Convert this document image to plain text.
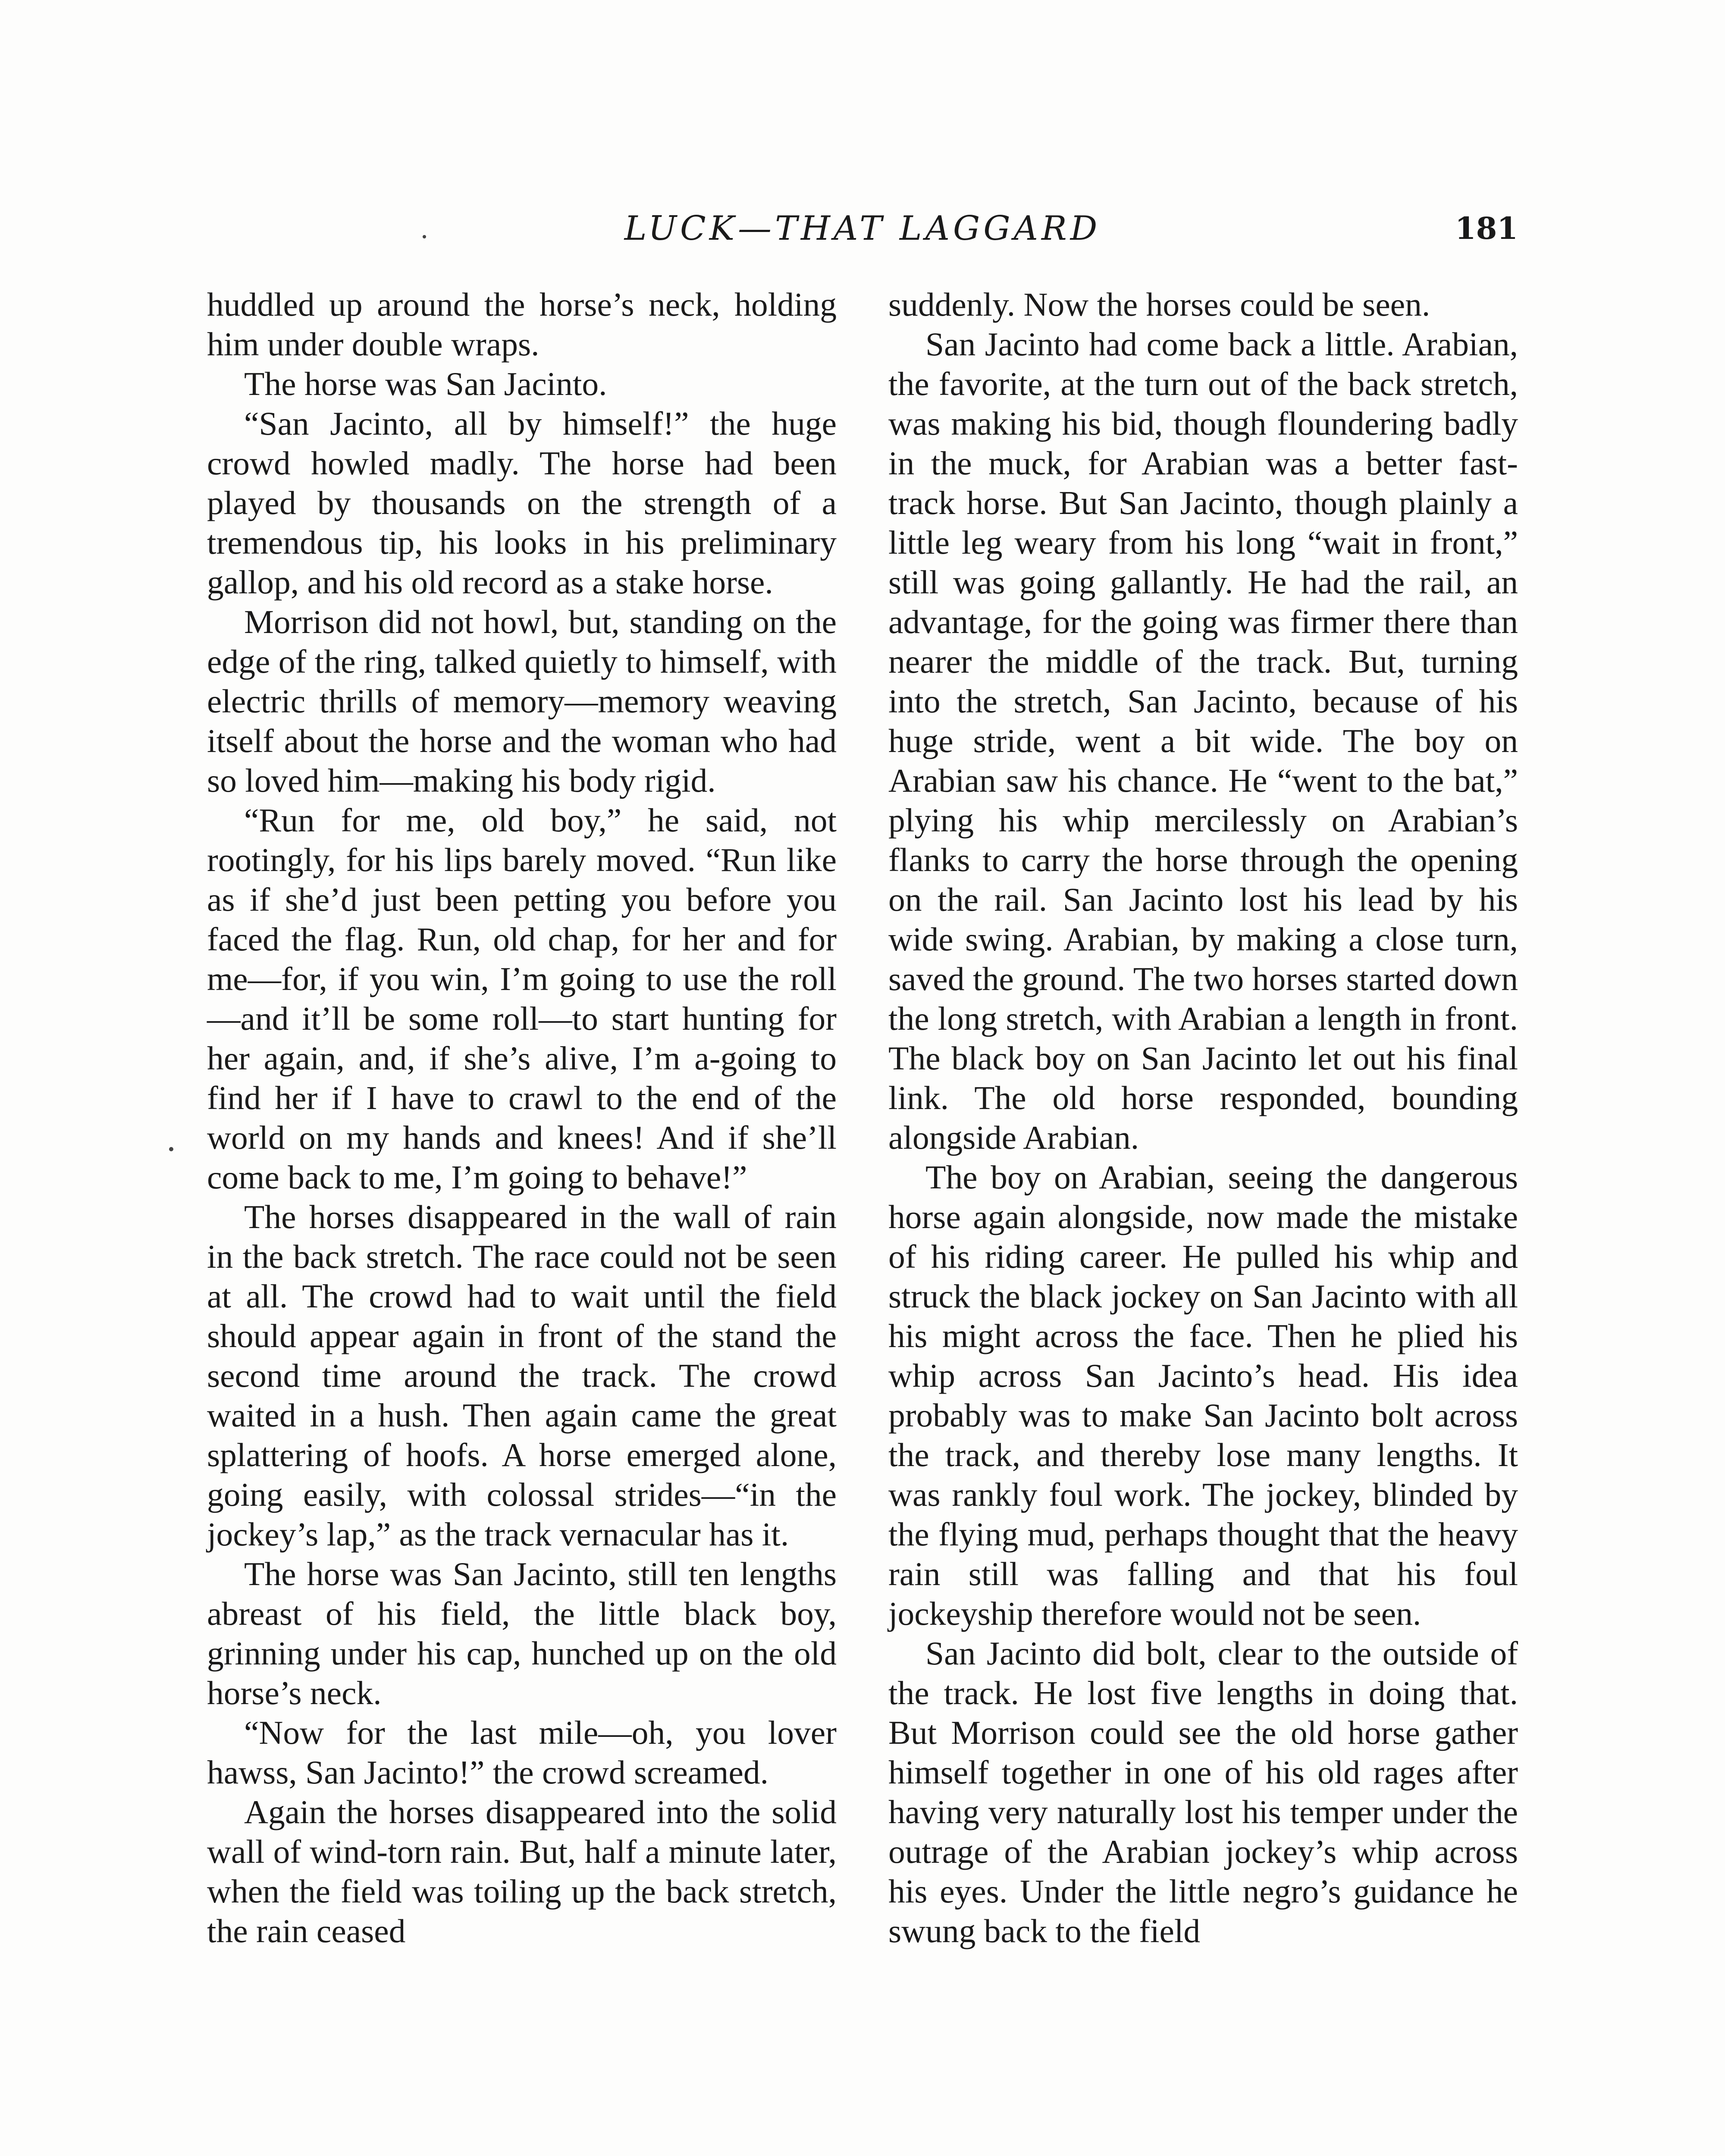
LUCK—THAT LAGGARD	181

huddled up around the horse’s neck, holding him under double wraps.

The horse was San Jacinto.

“San Jacinto, all by himself!” the huge crowd howled madly. The horse had been played by thousands on the strength of a tremendous tip, his looks in his preliminary gallop, and his old record as a stake horse.

Morrison did not howl, but, standing on the edge of the ring, talked quietly to himself, with electric thrills of memory—memory weaving itself about the horse and the woman who had so loved him—making his body rigid.

“Run for me, old boy,” he said, not rootingly, for his lips barely moved. “Run like as if she’d just been petting you before you faced the flag. Run, old chap, for her and for me—for, if you win, I’m going to use the roll—and it’ll be some roll—to start hunting for her again, and, if she’s alive, I’m a-going to find her if I have to crawl to the end of the world on my hands and knees! And if she’ll come back to me, I’m going to behave!”

The horses disappeared in the wall of rain in the back stretch. The race could not be seen at all. The crowd had to wait until the field should appear again in front of the stand the second time around the track. The crowd waited in a hush. Then again came the great splattering of hoofs. A horse emerged alone, going easily, with colossal strides—“in the jockey’s lap,” as the track vernacular has it.

The horse was San Jacinto, still ten lengths abreast of his field, the little black boy, grinning under his cap, hunched up on the old horse’s neck.

“Now for the last mile—oh, you lover hawss, San Jacinto!” the crowd screamed.

Again the horses disappeared into the solid wall of wind-torn rain. But, half a minute later, when the field was toiling up the back stretch, the rain ceased

suddenly. Now the horses could be seen.

San Jacinto had come back a little. Arabian, the favorite, at the turn out of the back stretch, was making his bid, though floundering badly in the muck, for Arabian was a better fast-track horse. But San Jacinto, though plainly a little leg weary from his long “wait in front,” still was going gallantly. He had the rail, an advantage, for the going was firmer there than nearer the middle of the track. But, turning into the stretch, San Jacinto, because of his huge stride, went a bit wide. The boy on Arabian saw his chance. He “went to the bat,” plying his whip mercilessly on Arabian’s flanks to carry the horse through the opening on the rail. San Jacinto lost his lead by his wide swing. Arabian, by making a close turn, saved the ground. The two horses started down the long stretch, with Arabian a length in front. The black boy on San Jacinto let out his final link. The old horse responded, bounding alongside Arabian.

The boy on Arabian, seeing the dangerous horse again alongside, now made the mistake of his riding career. He pulled his whip and struck the black jockey on San Jacinto with all his might across the face. Then he plied his whip across San Jacinto’s head. His idea probably was to make San Jacinto bolt across the track, and thereby lose many lengths. It was rankly foul work. The jockey, blinded by the flying mud, perhaps thought that the heavy rain still was falling and that his foul jockeyship therefore would not be seen.

San Jacinto did bolt, clear to the outside of the track. He lost five lengths in doing that. But Morrison could see the old horse gather himself together in one of his old rages after having very naturally lost his temper under the outrage of the Arabian jockey’s whip across his eyes. Under the little negro’s guidance he swung back to the field
